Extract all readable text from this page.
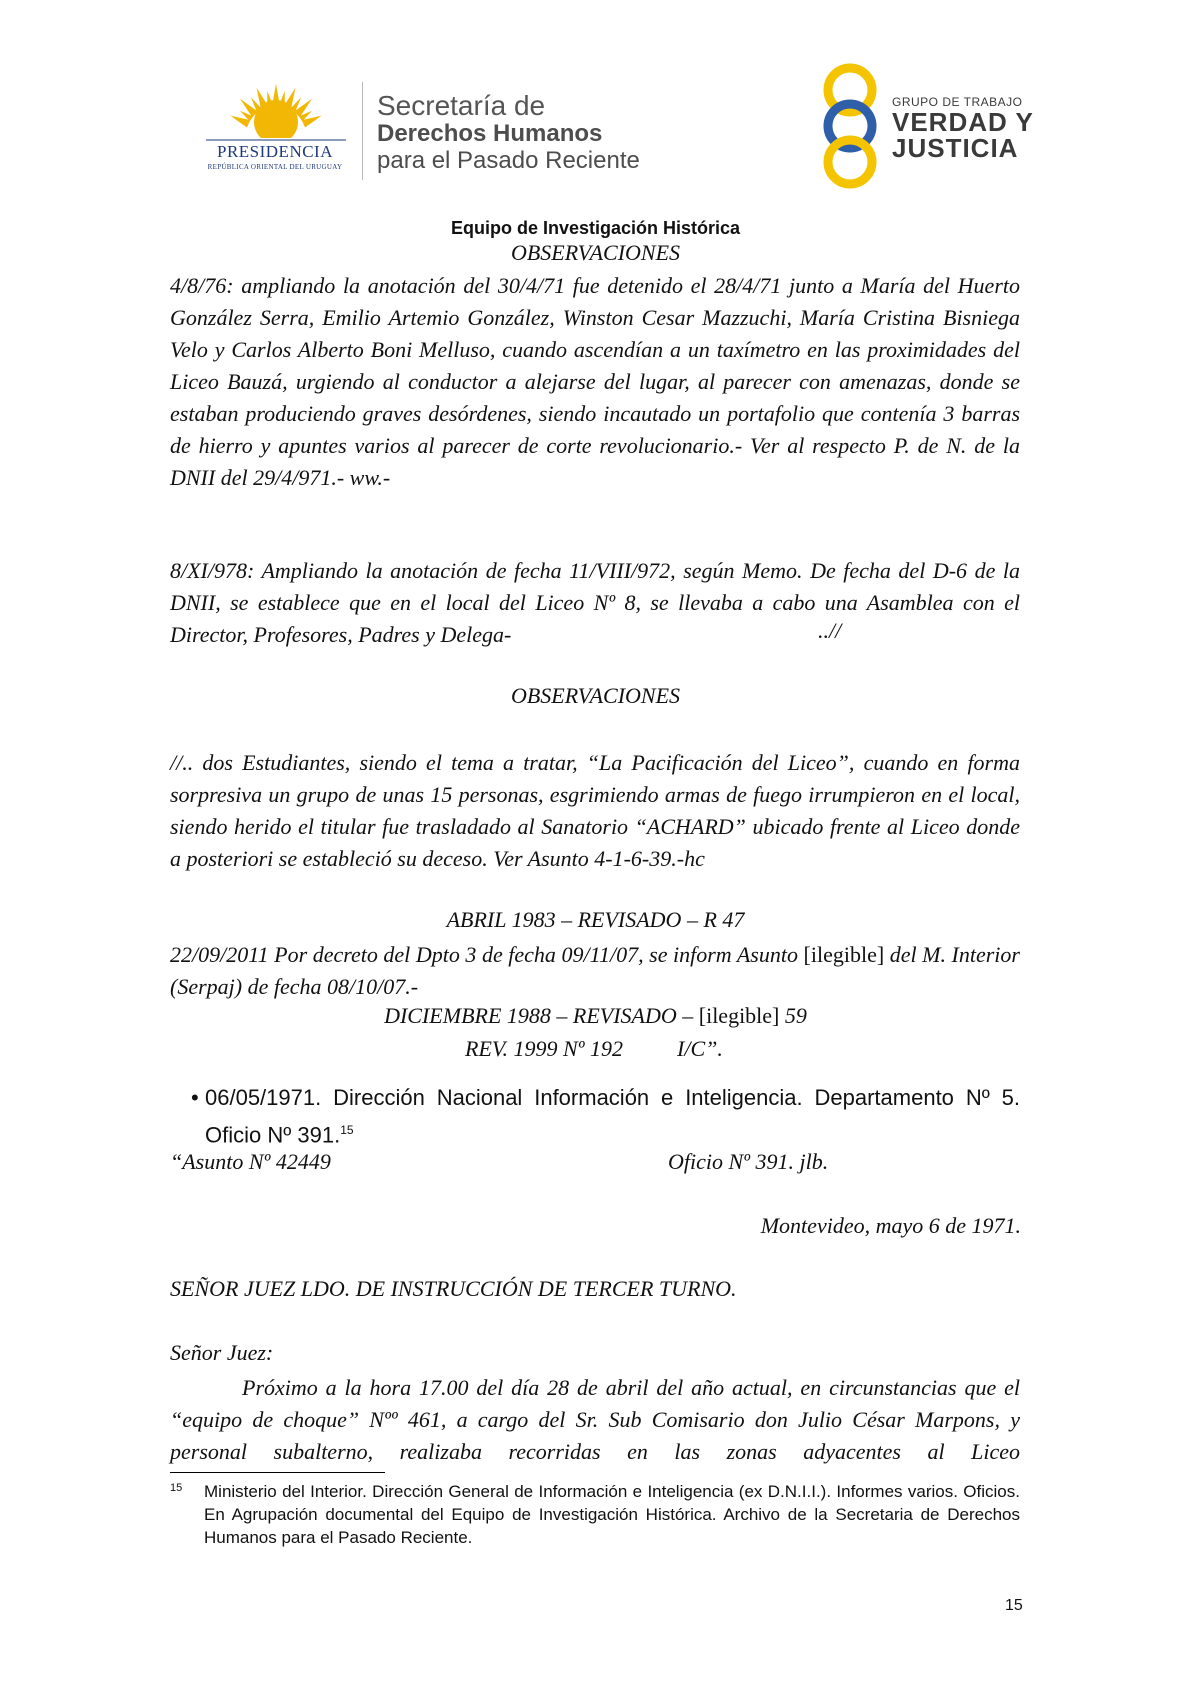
PRESIDENCIA
REPÚBLICA ORIENTAL DEL URUGUAY
Secretaría de
Derechos Humanos
para el Pasado Reciente
GRUPO DE TRABAJO
VERDAD Y
JUSTICIA
Equipo de Investigación Histórica
OBSERVACIONES
4/8/76: ampliando la anotación del 30/4/71 fue detenido el 28/4/71 junto a María del Huerto González Serra, Emilio Artemio González, Winston Cesar Mazzuchi, María Cristina Bisniega Velo y Carlos Alberto Boni Melluso, cuando ascendían a un taxímetro en las proximidades del Liceo Bauzá, urgiendo al conductor a alejarse del lugar, al parecer con amenazas, donde se estaban produciendo graves desórdenes, siendo incautado un portafolio que contenía 3 barras de hierro y apuntes varios al parecer de corte revolucionario.- Ver al respecto P. de N. de la DNII del 29/4/971.- ww.-
8/XI/978: Ampliando la anotación de fecha 11/VIII/972, según Memo. De fecha del D-6 de la DNII, se establece que en el local del Liceo Nº 8, se llevaba a cabo una Asamblea con el Director, Profesores, Padres y Delega-	..//
OBSERVACIONES
//.. dos Estudiantes, siendo el tema a tratar, “La Pacificación del Liceo”, cuando en forma sorpresiva un grupo de unas 15 personas, esgrimiendo armas de fuego irrumpieron en el local, siendo herido el titular fue trasladado al Sanatorio “ACHARD” ubicado frente al Liceo donde a posteriori se estableció su deceso. Ver Asunto 4-1-6-39.-hc
ABRIL 1983 – REVISADO – R 47
22/09/2011 Por decreto del Dpto 3 de fecha 09/11/07, se inform Asunto [ilegible] del M. Interior (Serpaj) de fecha 08/10/07.-
DICIEMBRE 1988 – REVISADO – [ilegible] 59
REV. 1999 Nº 192 I/C”.
• 06/05/1971. Dirección Nacional Información e Inteligencia. Departamento Nº 5. Oficio Nº 391.15
“Asunto Nº 42449	Oficio Nº 391. jlb.
Montevideo, mayo 6 de 1971.
SEÑOR JUEZ LDO. DE INSTRUCCIÓN DE TERCER TURNO.
Señor Juez:
Próximo a la hora 17.00 del día 28 de abril del año actual, en circunstancias que el “equipo de choque” Nºº 461, a cargo del Sr. Sub Comisario don Julio César Marpons, y personal subalterno, realizaba recorridas en las zonas adyacentes al Liceo
15 Ministerio del Interior. Dirección General de Información e Inteligencia (ex D.N.I.I.). Informes varios. Oficios. En Agrupación documental del Equipo de Investigación Histórica. Archivo de la Secretaria de Derechos Humanos para el Pasado Reciente.
15
